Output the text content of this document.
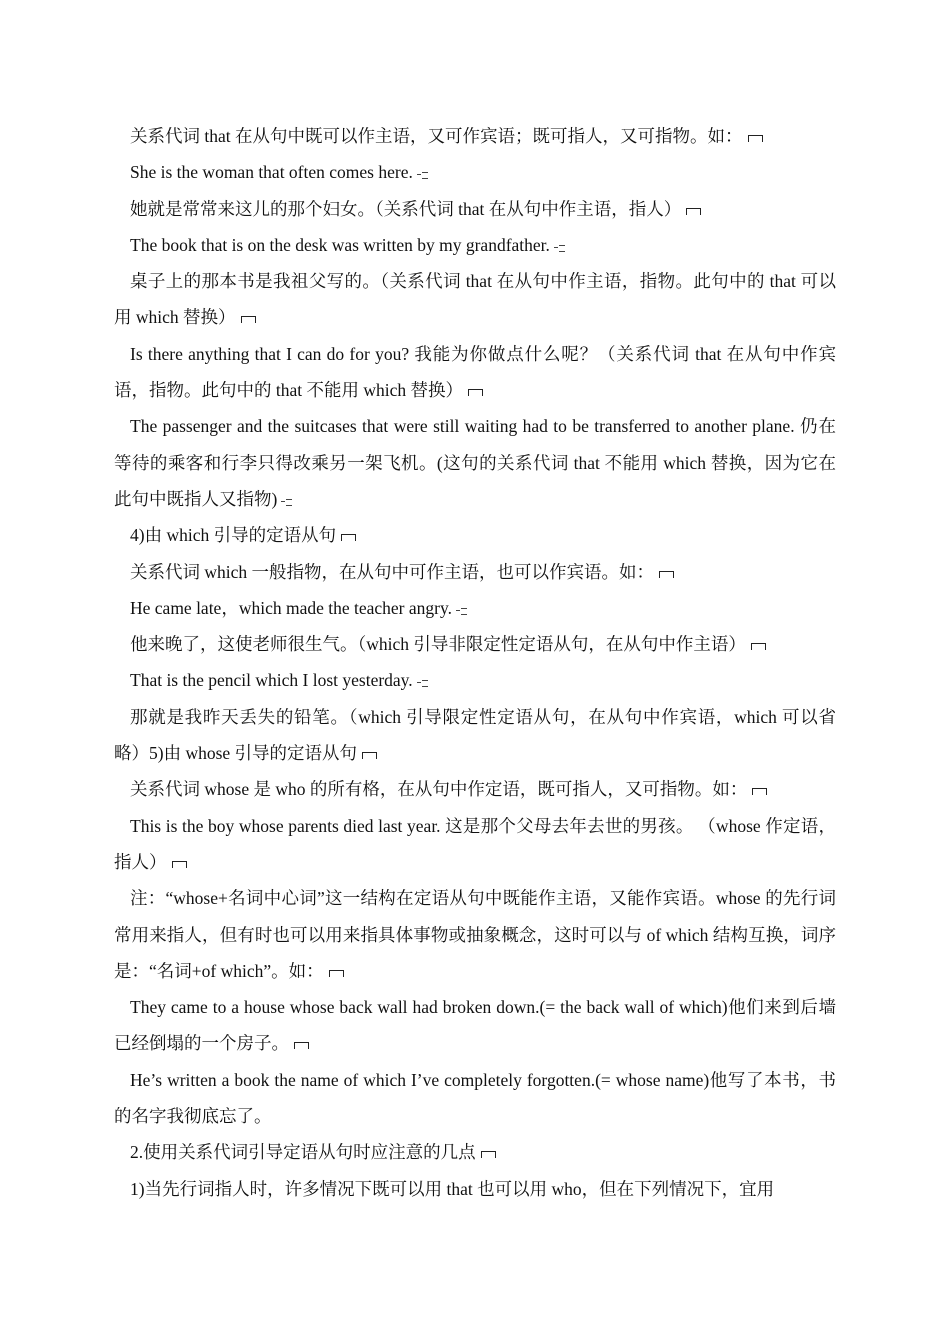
关系代词 that 在从句中既可以作主语，又可作宾语；既可指人，又可指物。如：

She is the woman that often comes here.

她就是常常来这儿的那个妇女。（关系代词 that 在从句中作主语，指人）

The book that is on the desk was written by my grandfather.

桌子上的那本书是我祖父写的。（关系代词 that 在从句中作主语，指物。此句中的 that 可以用 which 替换）

Is there anything that I can do for you? 我能为你做点什么呢？（关系代词 that 在从句中作宾语，指物。此句中的 that 不能用 which 替换）

The passenger and the suitcases that were still waiting had to be transferred to another plane. 仍在等待的乘客和行李只得改乘另一架飞机。(这句的关系代词 that 不能用 which 替换，因为它在此句中既指人又指物)

4)由 which 引导的定语从句

关系代词 which 一般指物，在从句中可作主语，也可以作宾语。如：

He came late，which made the teacher angry.

他来晚了，这使老师很生气。（which 引导非限定性定语从句，在从句中作主语）

That is the pencil which I lost yesterday.

那就是我昨天丢失的铅笔。（which 引导限定性定语从句，在从句中作宾语，which 可以省略）5)由 whose 引导的定语从句

关系代词 whose 是 who 的所有格，在从句中作定语，既可指人，又可指物。如：

This is the boy whose parents died last year. 这是那个父母去年去世的男孩。 （whose 作定语，指人）

注：“whose+名词中心词”这一结构在定语从句中既能作主语，又能作宾语。whose 的先行词常用来指人，但有时也可以用来指具体事物或抽象概念，这时可以与 of which 结构互换，词序是：“名词+of which”。如：

They came to a house whose back wall had broken down.(= the back wall of which)他们来到后墙已经倒塌的一个房子。

He’s written a book the name of which I’ve completely forgotten.(= whose name)他写了本书，书的名字我彻底忘了。

2.使用关系代词引导定语从句时应注意的几点

1)当先行词指人时，许多情况下既可以用 that 也可以用 who，但在下列情况下，宜用
